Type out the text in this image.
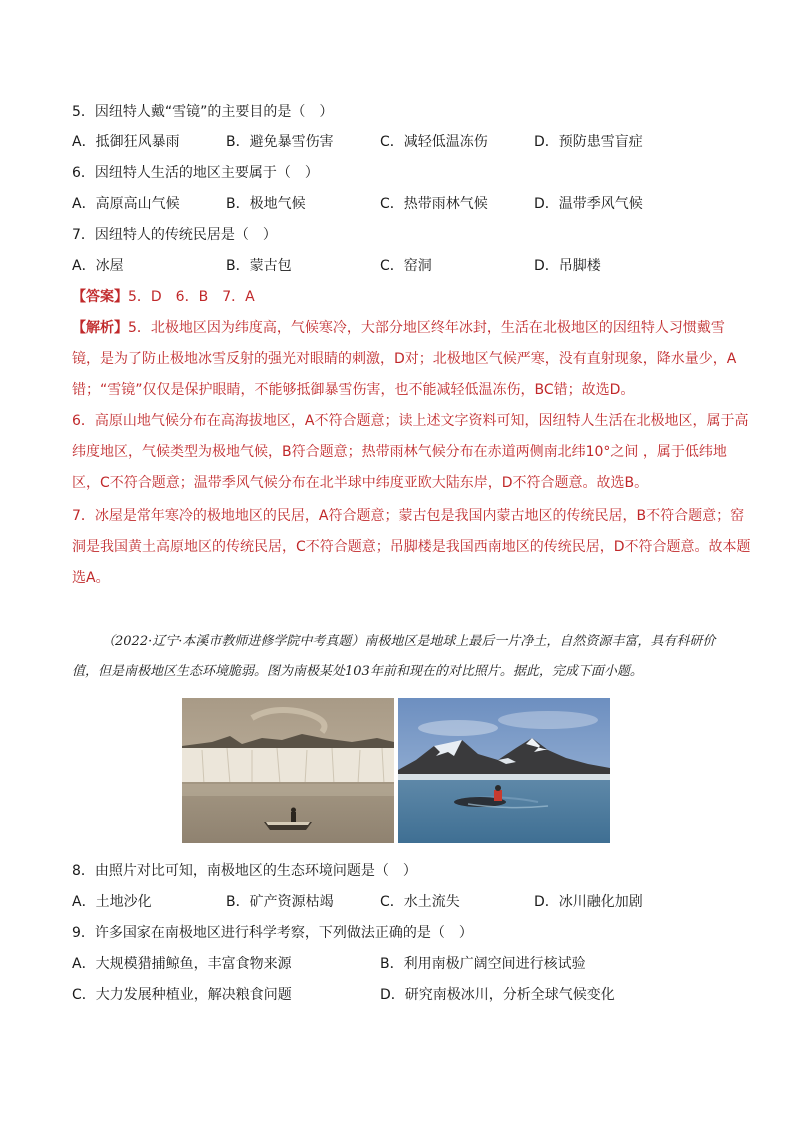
5．因纽特人戴“雪镜”的主要目的是（　）
A．抵御狂风暴雨	B．避免暴雪伤害	C．减轻低温冻伤	D．预防患雪盲症
6．因纽特人生活的地区主要属于（　）
A．高原高山气候	B．极地气候	C．热带雨林气候	D．温带季风气候
7．因纽特人的传统民居是（　）
A．冰屋	B．蒙古包	C．窑洞	D．吊脚楼
【答案】5．D　6．B　7．A
【解析】5．北极地区因为纬度高，气候寒冷，大部分地区终年冰封，生活在北极地区的因纽特人习惯戴雪镜，是为了防止极地冰雪反射的强光对眼睛的刺激，D对；北极地区气候严寒，没有直射现象，降水量少，A错；“雪镜”仅仅是保护眼睛，不能够抵御暴雪伤害，也不能减轻低温冻伤，BC错；故选D。
6．高原山地气候分布在高海拔地区，A不符合题意；读上述文字资料可知，因纽特人生活在北极地区，属于高纬度地区，气候类型为极地气候，B符合题意；热带雨林气候分布在赤道两侧南北纬10°之间 ，属于低纬地区，C不符合题意；温带季风气候分布在北半球中纬度亚欧大陆东岸，D不符合题意。故选B。
7．冰屋是常年寒冷的极地地区的民居，A符合题意；蒙古包是我国内蒙古地区的传统民居，B不符合题意；窑洞是我国黄土高原地区的传统民居，C不符合题意；吊脚楼是我国西南地区的传统民居，D不符合题意。故本题选A。
（2022·辽宁·本溪市教师进修学院中考真题）南极地区是地球上最后一片净土，自然资源丰富，具有科研价值，但是南极地区生态环境脆弱。图为南极某处103年前和现在的对比照片。据此，完成下面小题。
8．由照片对比可知，南极地区的生态环境问题是（　）
A．土地沙化	B．矿产资源枯竭	C．水土流失	D．冰川融化加剧
9．许多国家在南极地区进行科学考察，下列做法正确的是（　）
A．大规模猎捕鲸鱼，丰富食物来源	B．利用南极广阔空间进行核试验
C．大力发展种植业，解决粮食问题	D．研究南极冰川，分析全球气候变化
